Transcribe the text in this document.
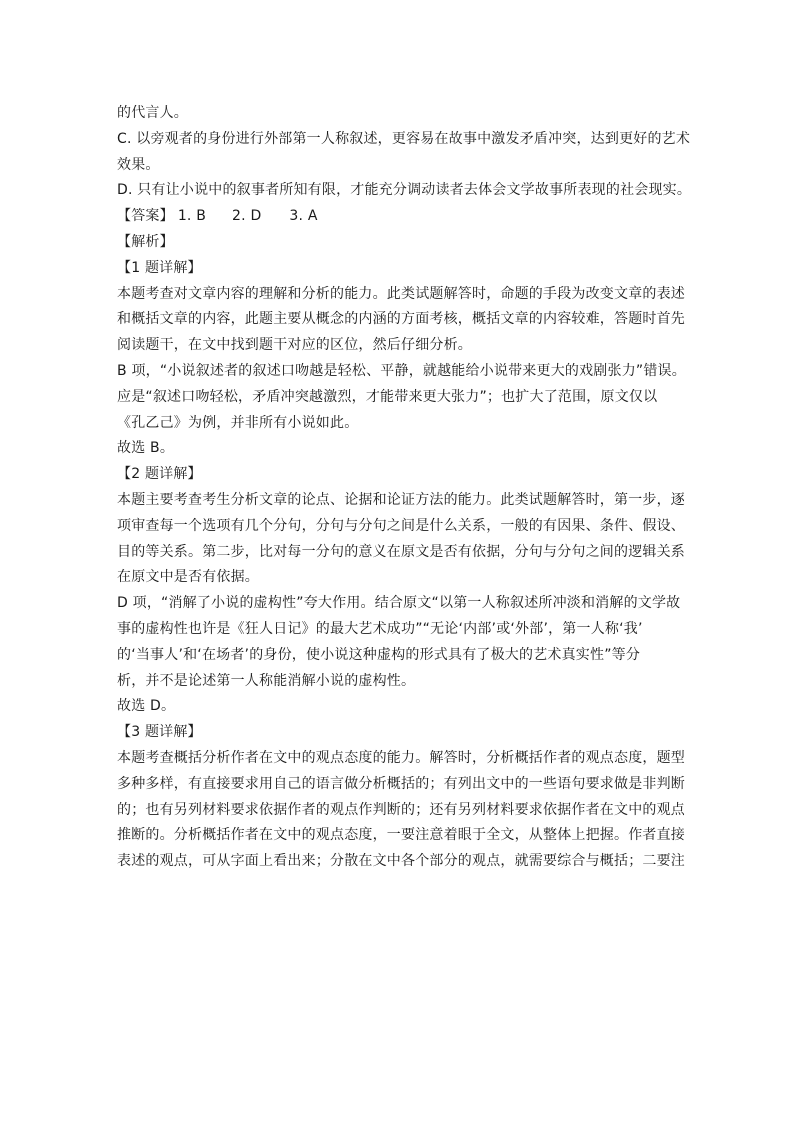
的代言人。
C. 以旁观者的身份进行外部第一人称叙述，更容易在故事中激发矛盾冲突，达到更好的艺术
效果。
D. 只有让小说中的叙事者所知有限，才能充分调动读者去体会文学故事所表现的社会现实。
【答案】 1. B 2. D 3. A
【解析】
【1 题详解】
本题考查对文章内容的理解和分析的能力。此类试题解答时，命题的手段为改变文章的表述
和概括文章的内容，此题主要从概念的内涵的方面考核，概括文章的内容较难，答题时首先
阅读题干，在文中找到题干对应的区位，然后仔细分析。
B 项，“小说叙述者的叙述口吻越是轻松、平静，就越能给小说带来更大的戏剧张力”错误。
应是“叙述口吻轻松，矛盾冲突越激烈，才能带来更大张力”；也扩大了范围，原文仅以
《孔乙己》为例，并非所有小说如此。
故选 B。
【2 题详解】
本题主要考查考生分析文章的论点、论据和论证方法的能力。此类试题解答时，第一步，逐
项审查每一个选项有几个分句，分句与分句之间是什么关系，一般的有因果、条件、假设、
目的等关系。第二步，比对每一分句的意义在原文是否有依据，分句与分句之间的逻辑关系
在原文中是否有依据。
D 项，“消解了小说的虚构性”夸大作用。结合原文“以第一人称叙述所冲淡和消解的文学故
事的虚构性也许是《狂人日记》的最大艺术成功”“无论‘内部’或‘外部’，第一人称‘我’
的‘当事人’和‘在场者’的身份，使小说这种虚构的形式具有了极大的艺术真实性”等分
析，并不是论述第一人称能消解小说的虚构性。
故选 D。
【3 题详解】
本题考查概括分析作者在文中的观点态度的能力。解答时，分析概括作者的观点态度，题型
多种多样，有直接要求用自己的语言做分析概括的；有列出文中的一些语句要求做是非判断
的；也有另列材料要求依据作者的观点作判断的；还有另列材料要求依据作者在文中的观点
推断的。分析概括作者在文中的观点态度，一要注意着眼于全文，从整体上把握。作者直接
表述的观点，可从字面上看出来；分散在文中各个部分的观点，就需要综合与概括；二要注
